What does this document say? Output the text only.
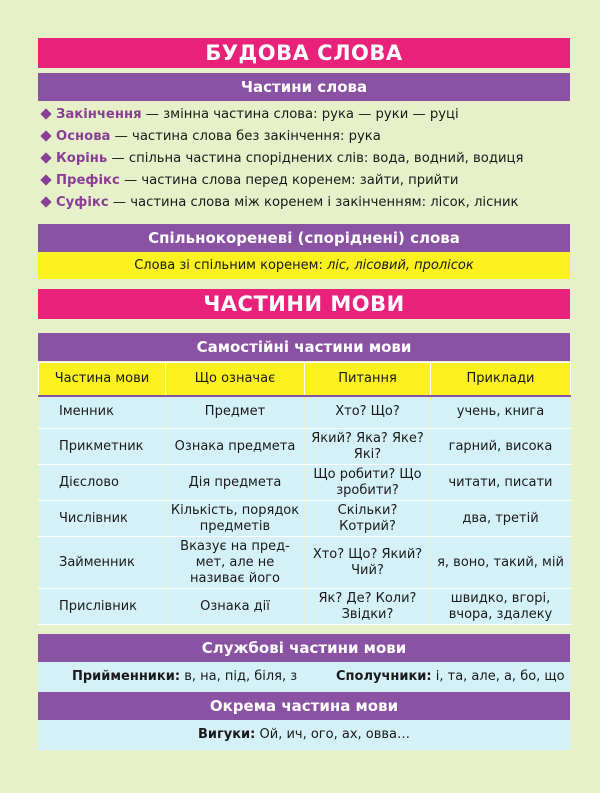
БУДОВА СЛОВА
Частини слова
Закінчення — змінна частина слова: рука — руки — руці
Основа — частина слова без закінчення: рука
Корінь — спільна частина споріднених слів: вода, водний, водиця
Префікс — частина слова перед коренем: зайти, прийти
Суфікс — частина слова між коренем і закінченням: лісок, лісник
Спільнокореневі (споріднені) слова
Слова зі спільним коренем: ліс, лісовий, пролісок
ЧАСТИНИ МОВИ
Самостійні частини мови
Частина мови	Що означає	Питання	Приклади
Іменник	Предмет	Хто? Що?	учень, книга
Прикметник	Ознака предмета	Який? Яка? Яке? Які?	гарний, висока
Дієслово	Дія предмета	Що робити? Що зробити?	читати, писати
Числівник	Кількість, порядок предметів	Скільки? Котрий?	два, третій
Займенник	Вказує на предмет, але не називає його	Хто? Що? Який? Чий?	я, воно, такий, мій
Прислівник	Ознака дії	Як? Де? Коли? Звідки?	швидко, вгорі, вчора, здалеку
Службові частини мови
Прийменники: в, на, під, біля, з	Сполучники: і, та, але, а, бо, що
Окрема частина мови
Вигуки: Ой, ич, ого, ах, овва…
